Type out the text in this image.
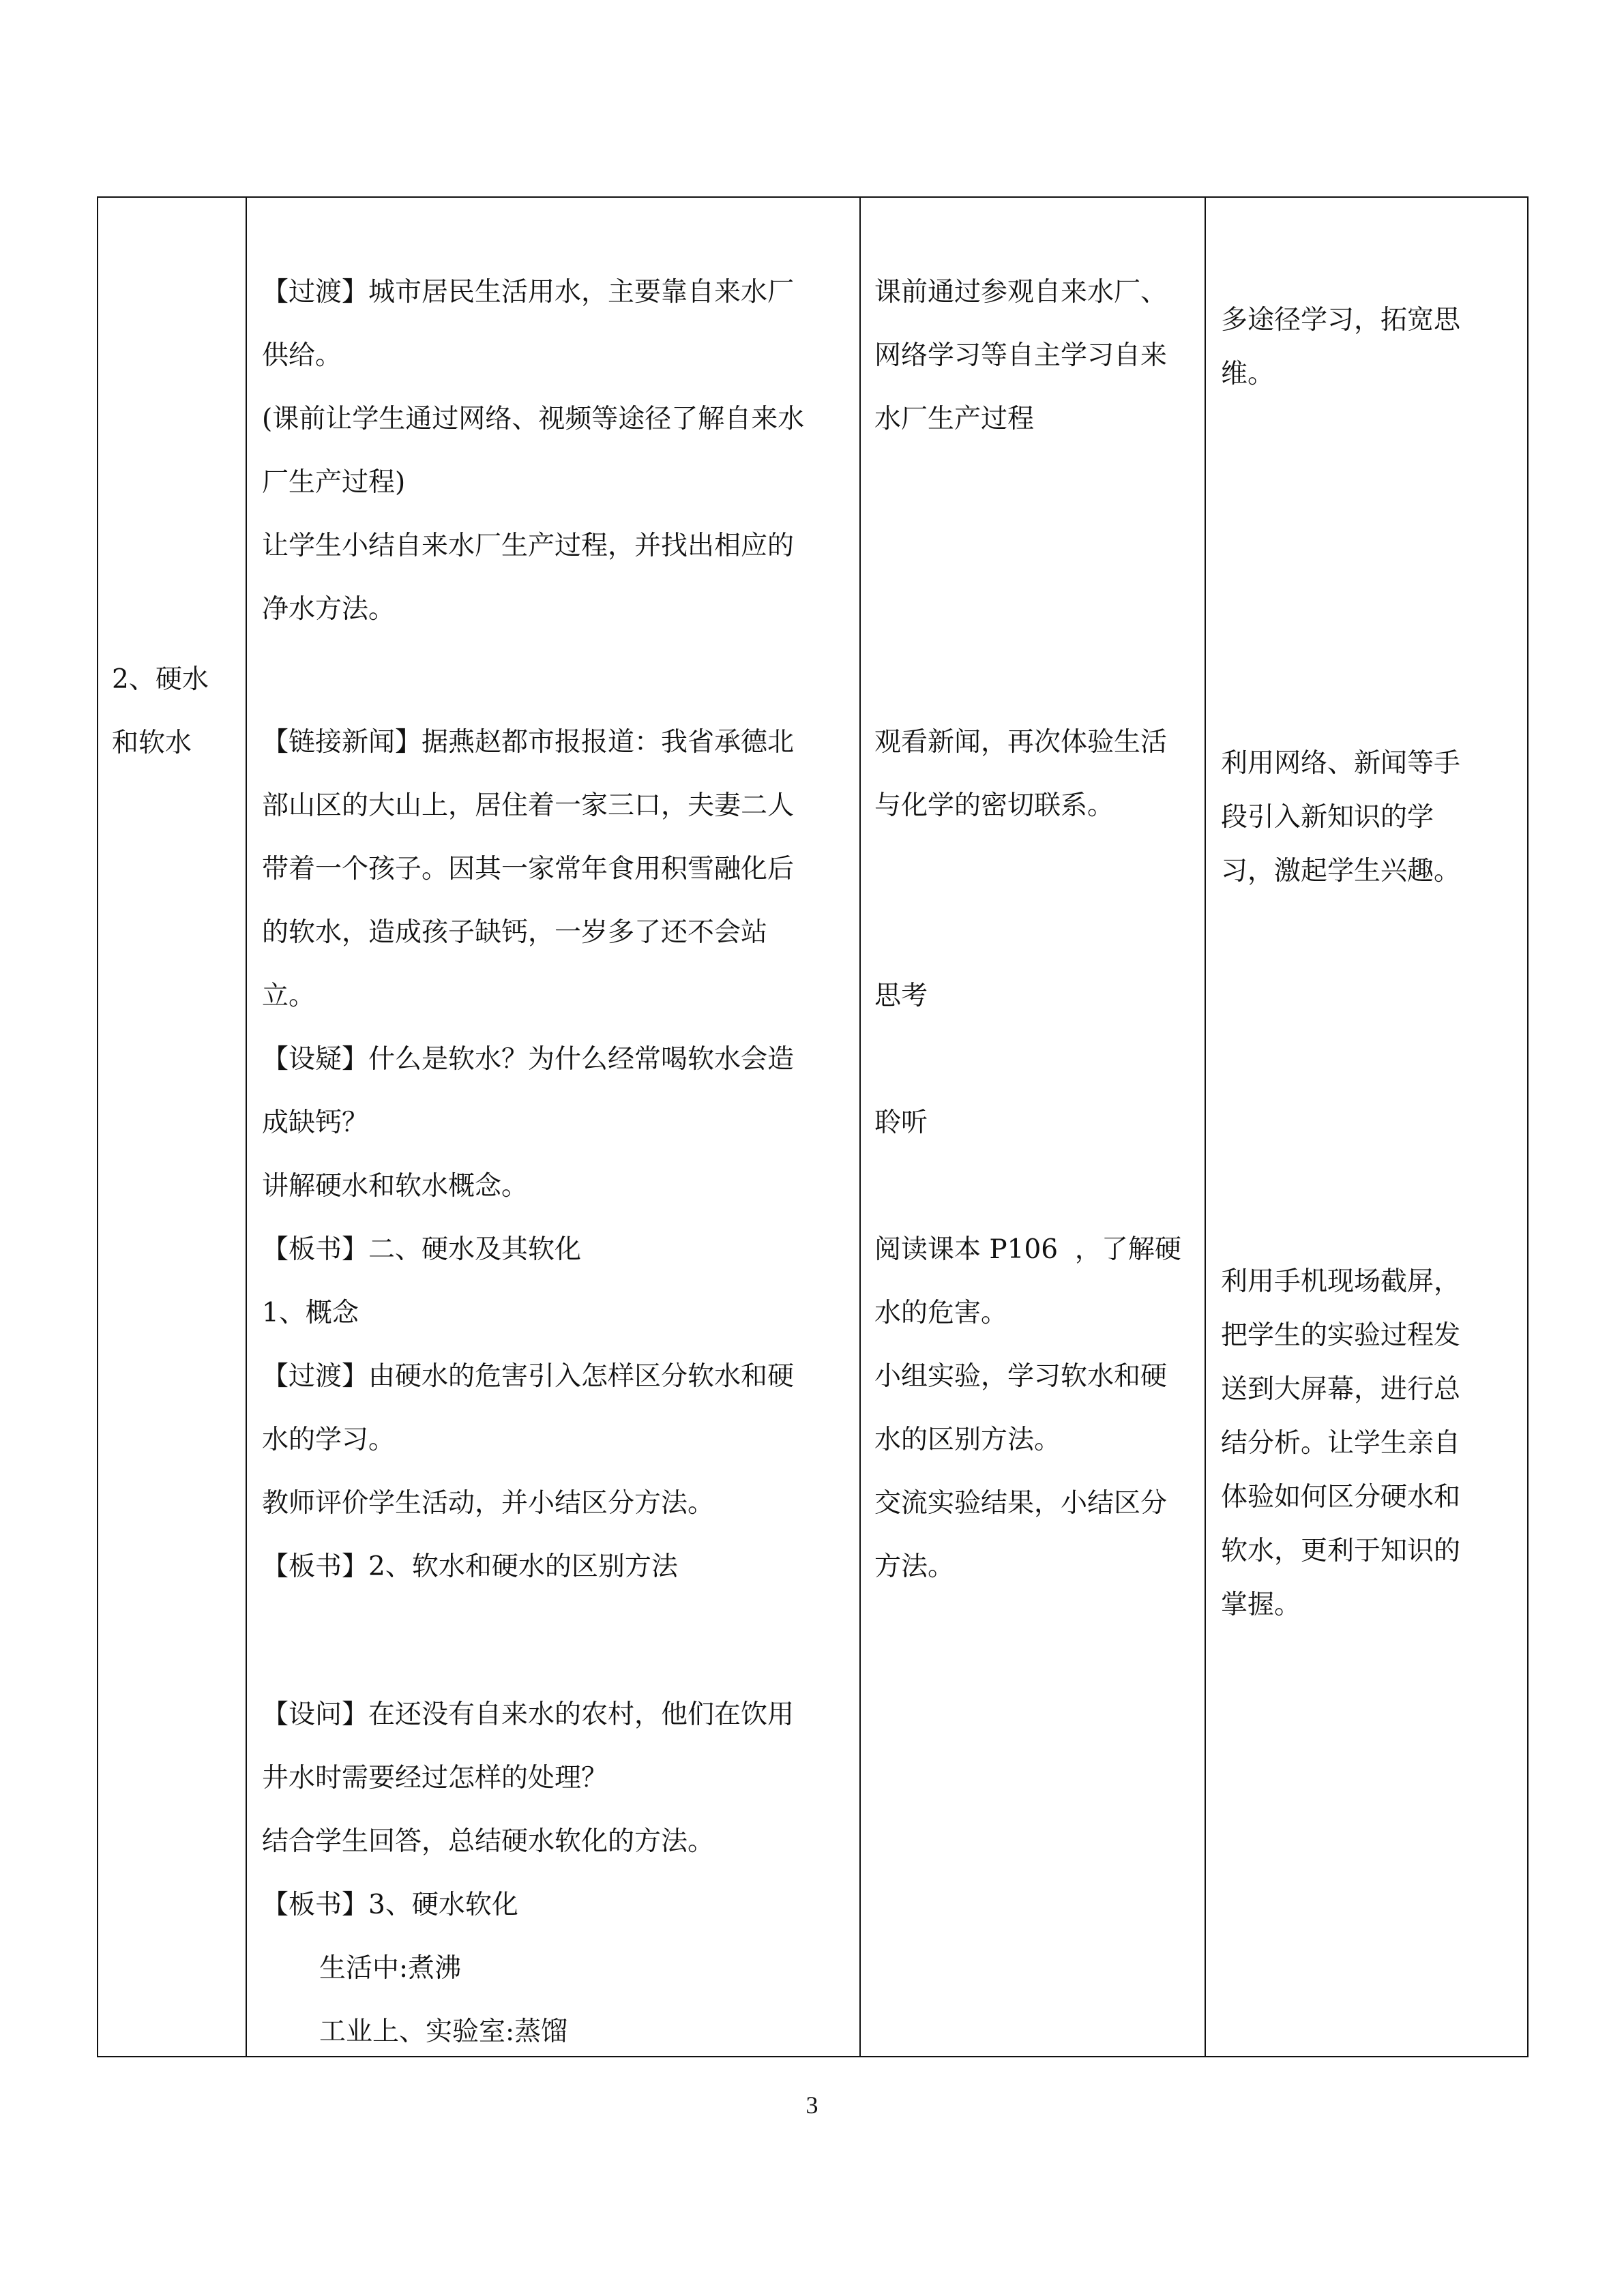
2、硬水

和软水

【过渡】城市居民生活用水，主要靠自来水厂

供给。

(课前让学生通过网络、视频等途径了解自来水

厂生产过程)

让学生小结自来水厂生产过程，并找出相应的

净水方法。

【链接新闻】据燕赵都市报报道：我省承德北

部山区的大山上，居住着一家三口，夫妻二人

带着一个孩子。因其一家常年食用积雪融化后

的软水，造成孩子缺钙，一岁多了还不会站

立。

【设疑】什么是软水？为什么经常喝软水会造

成缺钙？

讲解硬水和软水概念。

【板书】二、硬水及其软化

1、概念

【过渡】由硬水的危害引入怎样区分软水和硬

水的学习。

教师评价学生活动，并小结区分方法。

【板书】2、软水和硬水的区别方法

【设问】在还没有自来水的农村，他们在饮用

井水时需要经过怎样的处理？

结合学生回答，总结硬水软化的方法。

【板书】3、硬水软化

生活中:煮沸

工业上、实验室:蒸馏

课前通过参观自来水厂、

网络学习等自主学习自来

水厂生产过程

观看新闻，再次体验生活

与化学的密切联系。

思考

聆听

阅读课本 P106  ，了解硬

水的危害。

小组实验，学习软水和硬

水的区别方法。

交流实验结果，小结区分

方法。

多途径学习，拓宽思

维。

利用网络、新闻等手

段引入新知识的学

习，激起学生兴趣。

利用手机现场截屏，

把学生的实验过程发

送到大屏幕，进行总

结分析。让学生亲自

体验如何区分硬水和

软水，更利于知识的

掌握。

3
